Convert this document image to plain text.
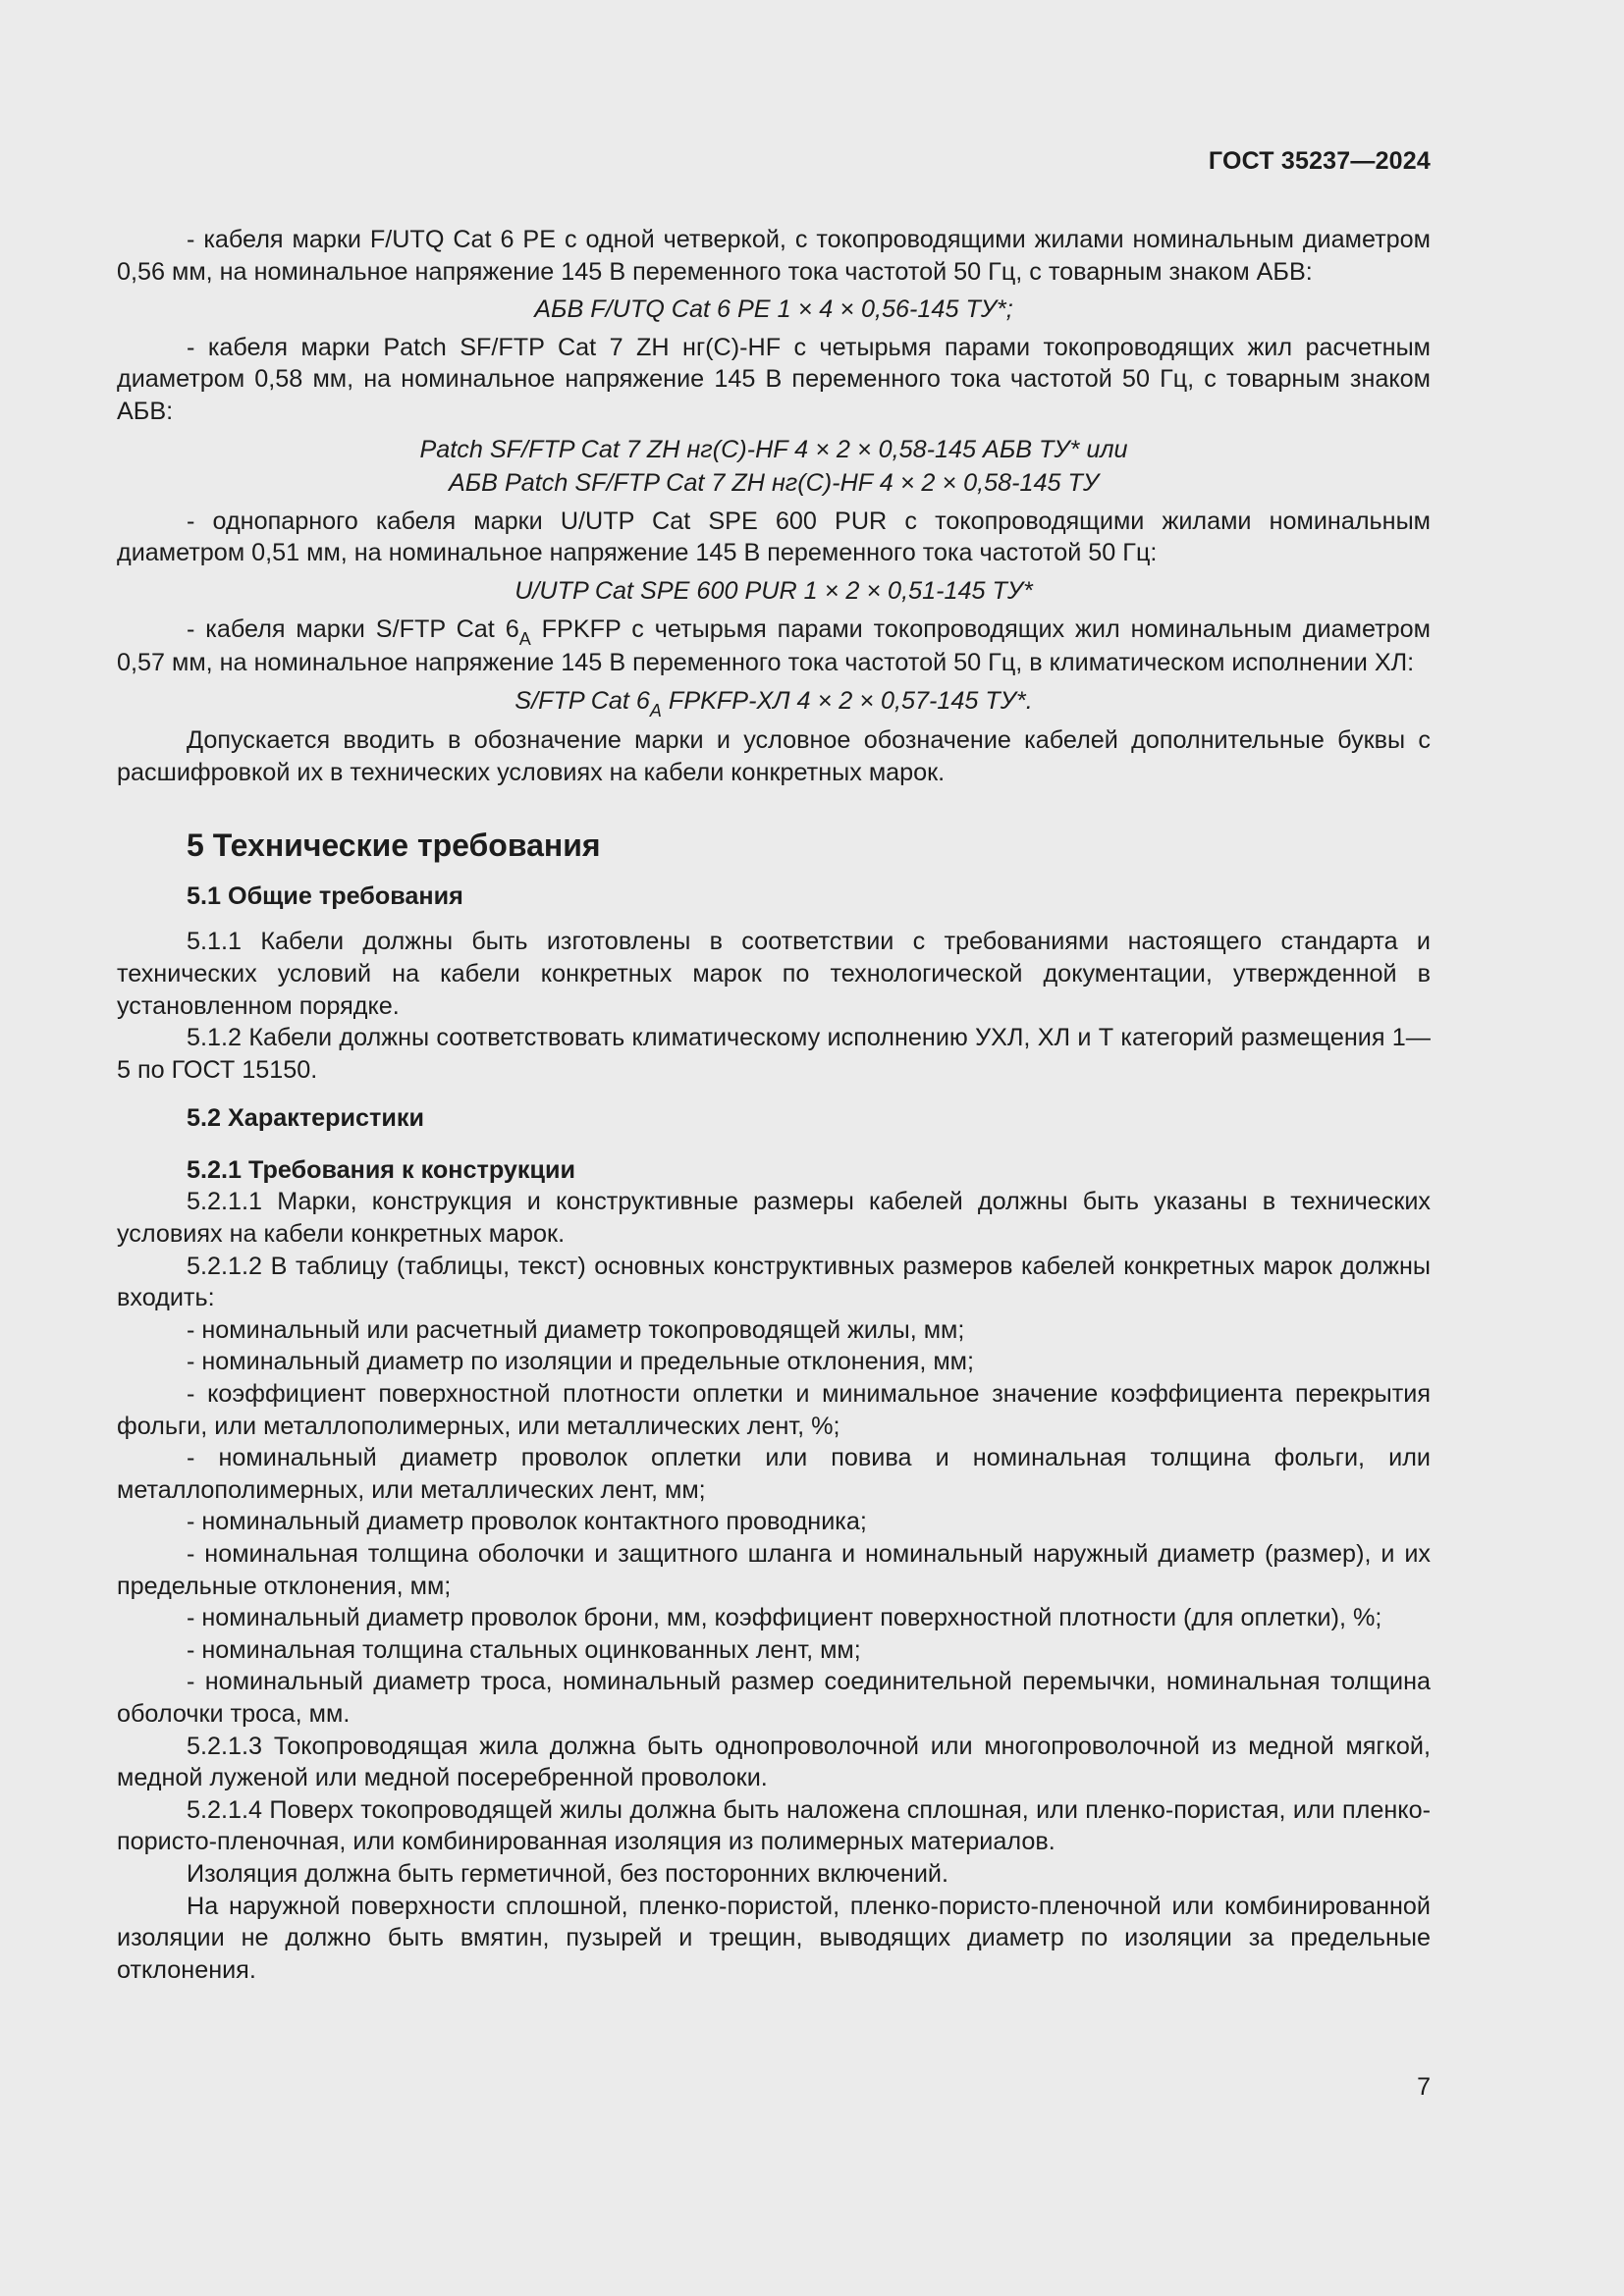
ГОСТ 35237—2024

- кабеля марки F/UTQ Cat 6 PE с одной четверкой, с токопроводящими жилами номинальным диаметром 0,56 мм, на номинальное напряжение 145 В переменного тока частотой 50 Гц, с товарным знаком АБВ:

АБВ F/UTQ Cat 6 PE 1 × 4 × 0,56-145 ТУ*;

- кабеля марки Patch SF/FTP Cat 7 ZH нг(С)-HF с четырьмя парами токопроводящих жил расчетным диаметром 0,58 мм, на номинальное напряжение 145 В переменного тока частотой 50 Гц, с товарным знаком АБВ:

Patch SF/FTP Cat 7 ZH нг(С)-HF 4 × 2 × 0,58-145 АБВ ТУ* или

АБВ Patch SF/FTP Cat 7 ZH нг(С)-HF 4 × 2 × 0,58-145 ТУ

- однопарного кабеля марки U/UTP Cat SPE 600 PUR с токопроводящими жилами номинальным диаметром 0,51 мм, на номинальное напряжение 145 В переменного тока частотой 50 Гц:

U/UTP Cat SPE 600 PUR 1 × 2 × 0,51-145 ТУ*

- кабеля марки S/FTP Cat $6_A$ FPKFP с четырьмя парами токопроводящих жил номинальным диаметром 0,57 мм, на номинальное напряжение 145 В переменного тока частотой 50 Гц, в климатическом исполнении ХЛ:

S/FTP Cat $6_A$ FPKFP-ХЛ 4 × 2 × 0,57-145 ТУ*.

Допускается вводить в обозначение марки и условное обозначение кабелей дополнительные буквы с расшифровкой их в технических условиях на кабели конкретных марок.

5 Технические требования
5.1 Общие требования

5.1.1 Кабели должны быть изготовлены в соответствии с требованиями настоящего стандарта и технических условий на кабели конкретных марок по технологической документации, утвержденной в установленном порядке.

5.1.2 Кабели должны соответствовать климатическому исполнению УХЛ, ХЛ и Т категорий размещения 1—5 по ГОСТ 15150.

5.2 Характеристики
5.2.1 Требования к конструкции

5.2.1.1 Марки, конструкция и конструктивные размеры кабелей должны быть указаны в технических условиях на кабели конкретных марок.

5.2.1.2 В таблицу (таблицы, текст) основных конструктивных размеров кабелей конкретных марок должны входить:

- номинальный или расчетный диаметр токопроводящей жилы, мм;

- номинальный диаметр по изоляции и предельные отклонения, мм;

- коэффициент поверхностной плотности оплетки и минимальное значение коэффициента перекрытия фольги, или металлополимерных, или металлических лент, %;

- номинальный диаметр проволок оплетки или повива и номинальная толщина фольги, или металлополимерных, или металлических лент, мм;

- номинальный диаметр проволок контактного проводника;

- номинальная толщина оболочки и защитного шланга и номинальный наружный диаметр (размер), и их предельные отклонения, мм;

- номинальный диаметр проволок брони, мм, коэффициент поверхностной плотности (для оплетки), %;

- номинальная толщина стальных оцинкованных лент, мм;

- номинальный диаметр троса, номинальный размер соединительной перемычки, номинальная толщина оболочки троса, мм.

5.2.1.3 Токопроводящая жила должна быть однопроволочной или многопроволочной из медной мягкой, медной луженой или медной посеребренной проволоки.

5.2.1.4 Поверх токопроводящей жилы должна быть наложена сплошная, или пленко-пористая, или пленко-пористо-пленочная, или комбинированная изоляция из полимерных материалов.

Изоляция должна быть герметичной, без посторонних включений.

На наружной поверхности сплошной, пленко-пористой, пленко-пористо-пленочной или комбинированной изоляции не должно быть вмятин, пузырей и трещин, выводящих диаметр по изоляции за предельные отклонения.

7
